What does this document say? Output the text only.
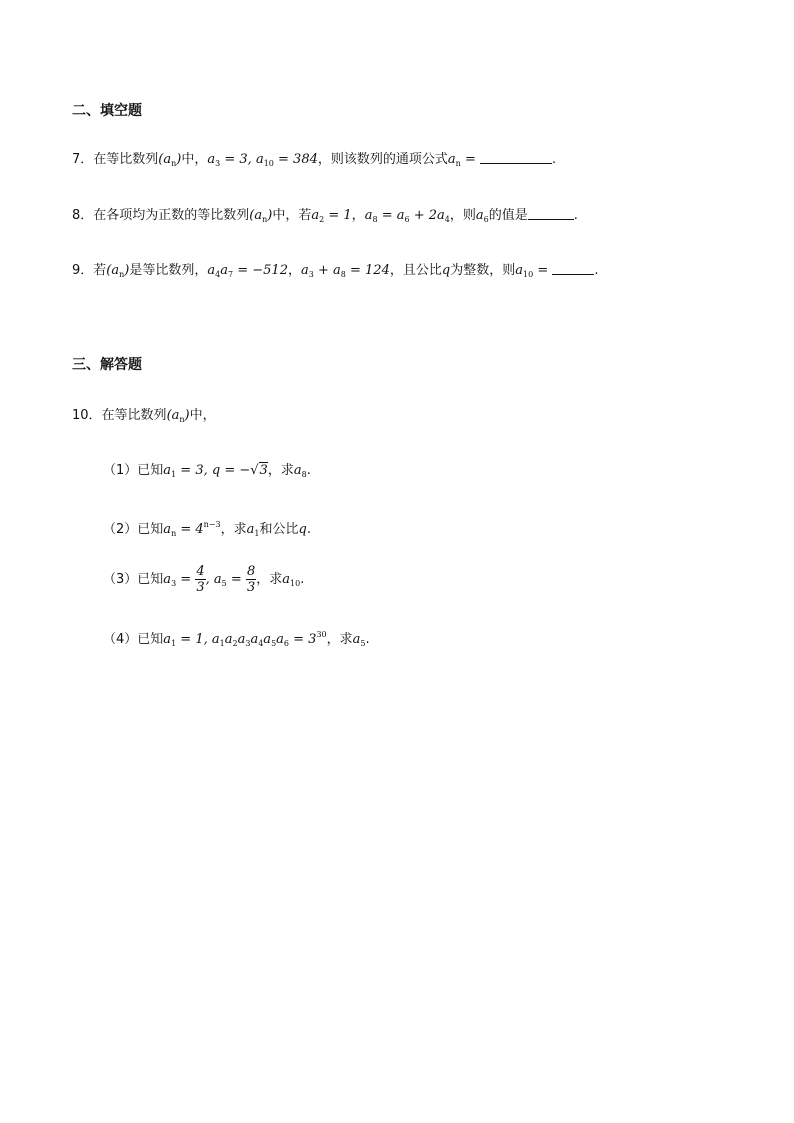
二、填空题
7．在等比数列$(a_n)$中，$a_3 = 3$, $a_{10} = 384$，则该数列的通项公式$a_n$ =	.
8．在各项均为正数的等比数列$(a_n)$中，若$a_2 = 1$，$a_8 = a_6 + 2a_4$，则$a_6$的值是	.
9．若$(a_n)$是等比数列，$a_4a_7 = -512$，$a_3 + a_8 = 124$，且公比q为整数，则$a_{10}$ =	.
三、解答题
10．在等比数列$(a_n)$中，
（1）已知$a_1 = 3$, q = −√3，求$a_8$.
（2）已知$a_n = 4^{n-3}$，求$a_1$和公比q.
（3）已知$a_3 = \frac{4}{3}$ , $a_5 = \frac{8}{3}$ ，求$a_{10}$.
（4）已知$a_1 = 1$, $a_1a_2a_3a_4a_5a_6 = 3^{30}$，求$a_5$.
